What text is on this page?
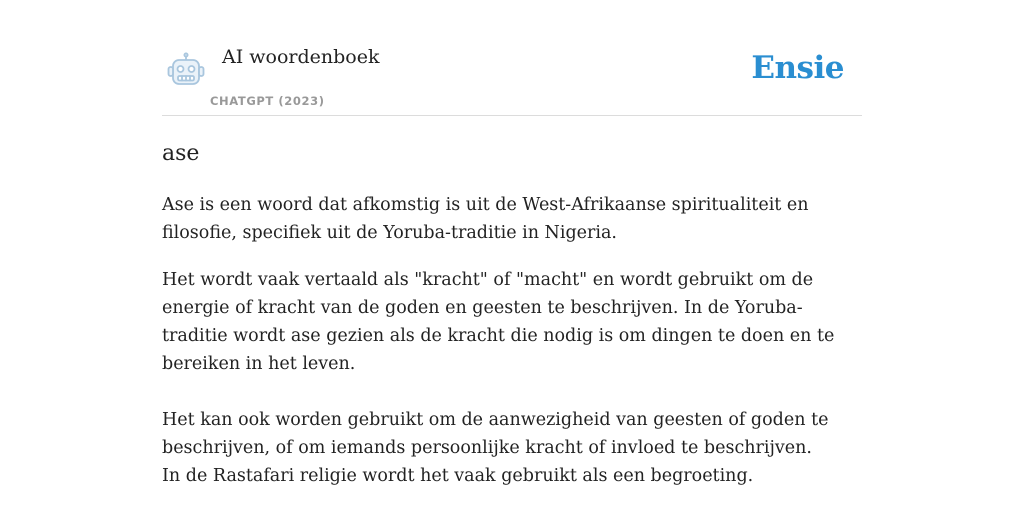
AI woordenboek
CHATGPT (2023)
Ensie
ase

Ase is een woord dat afkomstig is uit de West-Afrikaanse spiritualiteit en filosofie, specifiek uit de Yoruba-traditie in Nigeria.

Het wordt vaak vertaald als "kracht" of "macht" en wordt gebruikt om de energie of kracht van de goden en geesten te beschrijven. In de Yoruba-traditie wordt ase gezien als de kracht die nodig is om dingen te doen en te bereiken in het leven.

Het kan ook worden gebruikt om de aanwezigheid van geesten of goden te beschrijven, of om iemands persoonlijke kracht of invloed te beschrijven.
In de Rastafari religie wordt het vaak gebruikt als een begroeting.
